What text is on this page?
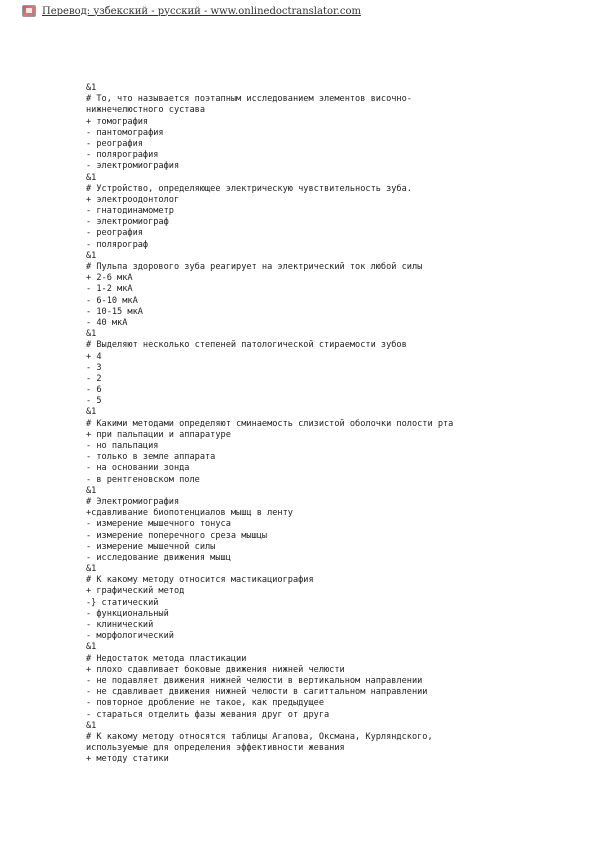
Перевод: узбекский - русский - www.onlinedoctranslator.com
&1
# То, что называется поэтапным исследованием элементов височно-
нижнечелюстного сустава
+ томография
- пантомография
- реография
- полярография
- электромиография
&1
# Устройство, определяющее электрическую чувствительность зуба.
+ электроодонтолог
- гнатодинамометр
- электромиограф
- реография
- полярограф
&1
# Пульпа здорового зуба реагирует на электрический ток любой силы
+ 2-6 мкА
- 1-2 мкА
- 6-10 мкА
- 10-15 мкА
- 40 мкА
&1
# Выделяют несколько степеней патологической стираемости зубов
+ 4
- 3
- 2
- 6
- 5
&1
# Какими методами определяют сминаемость слизистой оболочки полости рта
+ при пальпации и аппаратуре
- но пальпация
- только в земле аппарата
- на основании зонда
- в рентгеновском поле
&1
# Электромиография
+сдавливание биопотенциалов мышц в ленту
- измерение мышечного тонуса
- измерение поперечного среза мышцы
- измерение мышечной силы
- исследование движения мышц
&1
# К какому методу относится мастикациография
+ графический метод
-} статический
- функциональный
- клинический
- морфологический
&1
# Недостаток метода пластикации
+ плохо сдавливает боковые движения нижней челюсти
- не подавляет движения нижней челюсти в вертикальном направлении
- не сдавливает движения нижней челюсти в сагиттальном направлении
- повторное дробление не такое, как предыдущее
- стараться отделить фазы жевания друг от друга
&1
# К какому методу относятся таблицы Агапова, Оксмана, Курляндского,
используемые для определения эффективности жевания
+ методу статики
